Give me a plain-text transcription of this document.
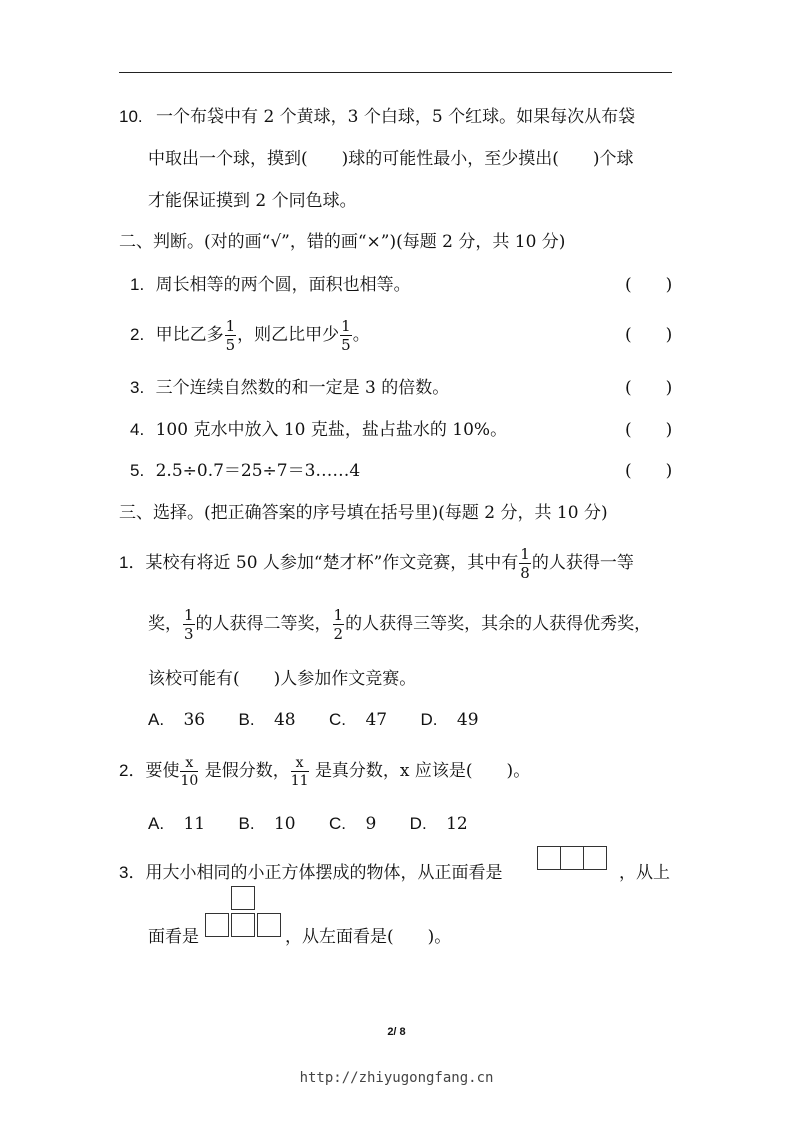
10. 一个布袋中有 2 个黄球，3 个白球，5 个红球。如果每次从布袋
中取出一个球，摸到(　　)球的可能性最小，至少摸出(　　)个球
才能保证摸到 2 个同色球。
二、判断。(对的画“√”，错的画“×”)(每题 2 分，共 10 分)
1. 周长相等的两个圆，面积也相等。	(　　)
2. 甲比乙多 $\frac{1}{5}$ ，则乙比甲少 $\frac{1}{5}$ 。	(　　)
3. 三个连续自然数的和一定是 3 的倍数。	(　　)
4. 100 克水中放入 10 克盐，盐占盐水的 10%。	(　　)
5. 2.5÷0.7＝25÷7＝3……4	(　　)
三、选择。(把正确答案的序号填在括号里)(每题 2 分，共 10 分)
1．某校有将近 50 人参加“楚才杯”作文竞赛，其中有 $\frac{1}{8}$ 的人获得一等
奖， $\frac{1}{3}$ 的人获得二等奖， $\frac{1}{2}$ 的人获得三等奖，其余的人获得优秀奖，
该校可能有(　　)人参加作文竞赛。
A. 36 B. 48 C. 47 D. 49
2．要使 $\frac{x}{10}$ 是假分数， $\frac{x}{11}$ 是真分数，x 应该是(　　)。
A. 11 B. 10 C. 9 D. 12
3．用大小相同的小正方体摆成的物体，从正面看是	，从上
面看是	，从左面看是(　　)。
2/ 8
http://zhiyugongfang.cn
